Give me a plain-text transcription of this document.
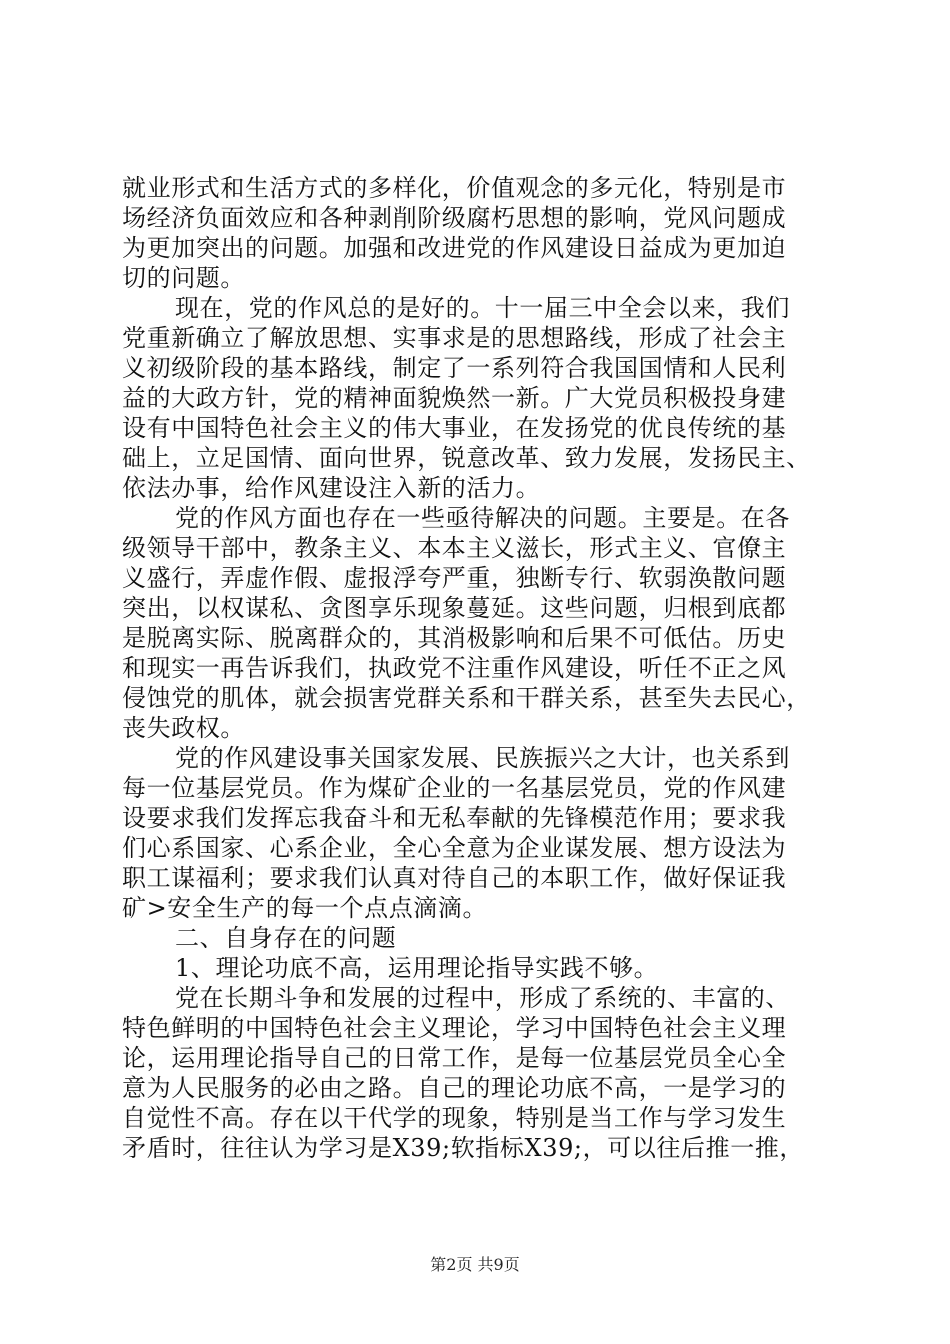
就业形式和生活方式的多样化，价值观念的多元化，特别是市
场经济负面效应和各种剥削阶级腐朽思想的影响，党风问题成
为更加突出的问题。加强和改进党的作风建设日益成为更加迫
切的问题。
现在，党的作风总的是好的。十一届三中全会以来，我们
党重新确立了解放思想、实事求是的思想路线，形成了社会主
义初级阶段的基本路线，制定了一系列符合我国国情和人民利
益的大政方针，党的精神面貌焕然一新。广大党员积极投身建
设有中国特色社会主义的伟大事业，在发扬党的优良传统的基
础上，立足国情、面向世界，锐意改革、致力发展，发扬民主、
依法办事，给作风建设注入新的活力。
党的作风方面也存在一些亟待解决的问题。主要是。在各
级领导干部中，教条主义、本本主义滋长，形式主义、官僚主
义盛行，弄虚作假、虚报浮夸严重，独断专行、软弱涣散问题
突出，以权谋私、贪图享乐现象蔓延。这些问题，归根到底都
是脱离实际、脱离群众的，其消极影响和后果不可低估。历史
和现实一再告诉我们，执政党不注重作风建设，听任不正之风
侵蚀党的肌体，就会损害党群关系和干群关系，甚至失去民心，
丧失政权。
党的作风建设事关国家发展、民族振兴之大计，也关系到
每一位基层党员。作为煤矿企业的一名基层党员，党的作风建
设要求我们发挥忘我奋斗和无私奉献的先锋模范作用；要求我
们心系国家、心系企业，全心全意为企业谋发展、想方设法为
职工谋福利；要求我们认真对待自己的本职工作，做好保证我
矿>安全生产的每一个点点滴滴。
二、自身存在的问题
1、理论功底不高，运用理论指导实践不够。
党在长期斗争和发展的过程中，形成了系统的、丰富的、
特色鲜明的中国特色社会主义理论，学习中国特色社会主义理
论，运用理论指导自己的日常工作，是每一位基层党员全心全
意为人民服务的必由之路。自己的理论功底不高，一是学习的
自觉性不高。存在以干代学的现象，特别是当工作与学习发生
矛盾时，往往认为学习是X39;软指标X39;，可以往后推一推，
第2页 共9页
